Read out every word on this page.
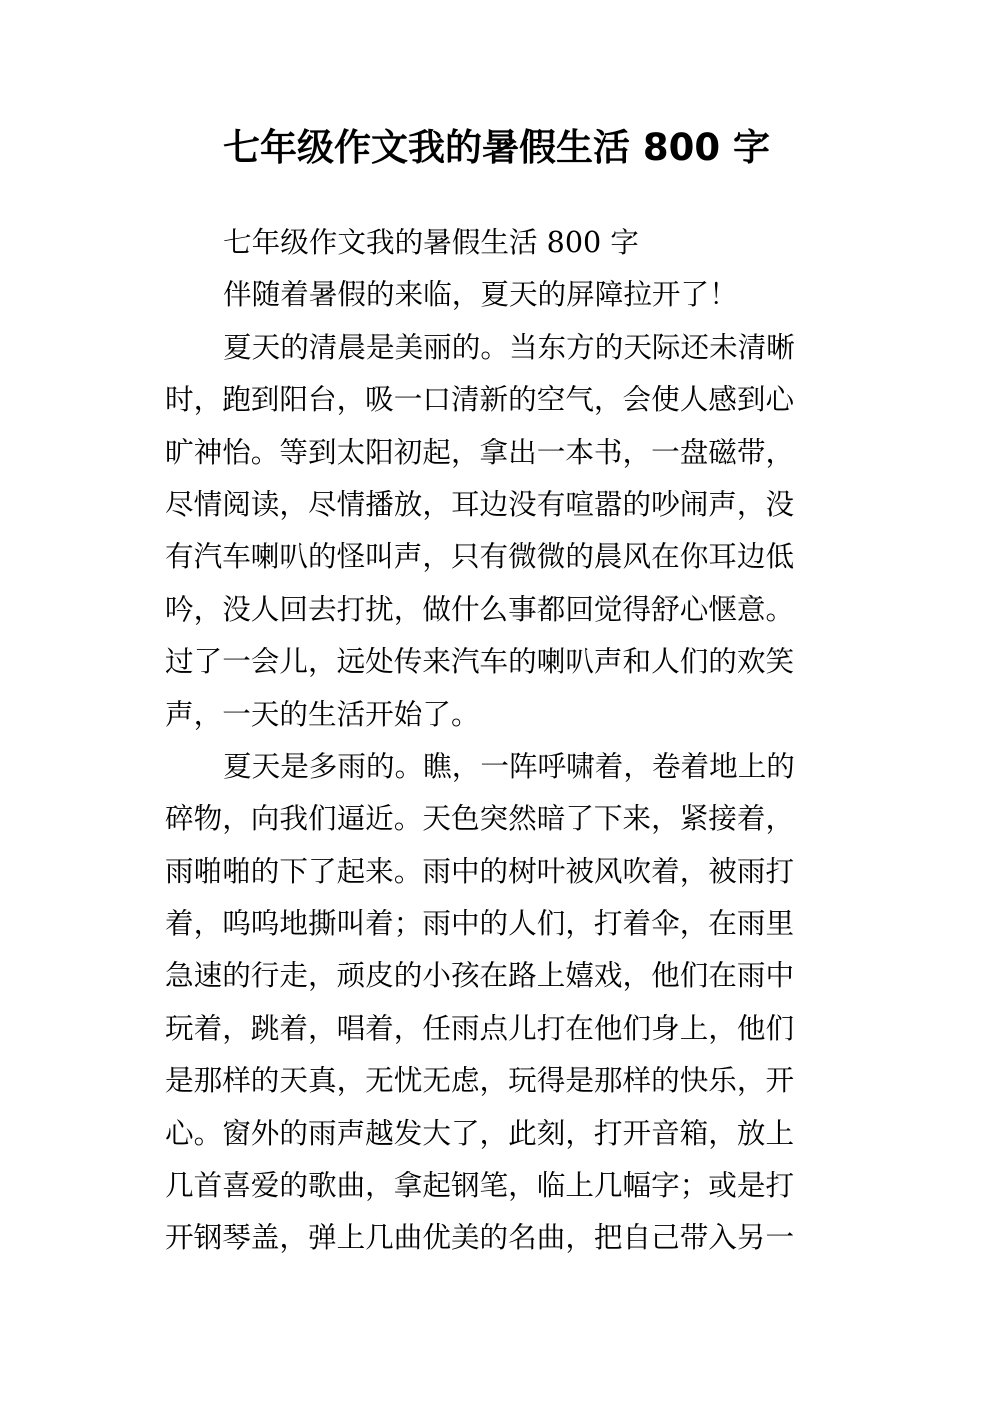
七年级作文我的暑假生活 800 字
七年级作文我的暑假生活 800 字
伴随着暑假的来临，夏天的屏障拉开了！
夏天的清晨是美丽的。当东方的天际还未清晰
时，跑到阳台，吸一口清新的空气，会使人感到心
旷神怡。等到太阳初起，拿出一本书，一盘磁带，
尽情阅读，尽情播放，耳边没有喧嚣的吵闹声，没
有汽车喇叭的怪叫声，只有微微的晨风在你耳边低
吟，没人回去打扰，做什么事都回觉得舒心惬意。
过了一会儿，远处传来汽车的喇叭声和人们的欢笑
声，一天的生活开始了。
夏天是多雨的。瞧，一阵呼啸着，卷着地上的
碎物，向我们逼近。天色突然暗了下来，紧接着，
雨啪啪的下了起来。雨中的树叶被风吹着，被雨打
着，呜呜地撕叫着；雨中的人们，打着伞，在雨里
急速的行走，顽皮的小孩在路上嬉戏，他们在雨中
玩着，跳着，唱着，任雨点儿打在他们身上，他们
是那样的天真，无忧无虑，玩得是那样的快乐，开
心。窗外的雨声越发大了，此刻，打开音箱，放上
几首喜爱的歌曲，拿起钢笔，临上几幅字；或是打
开钢琴盖，弹上几曲优美的名曲，把自己带入另一
